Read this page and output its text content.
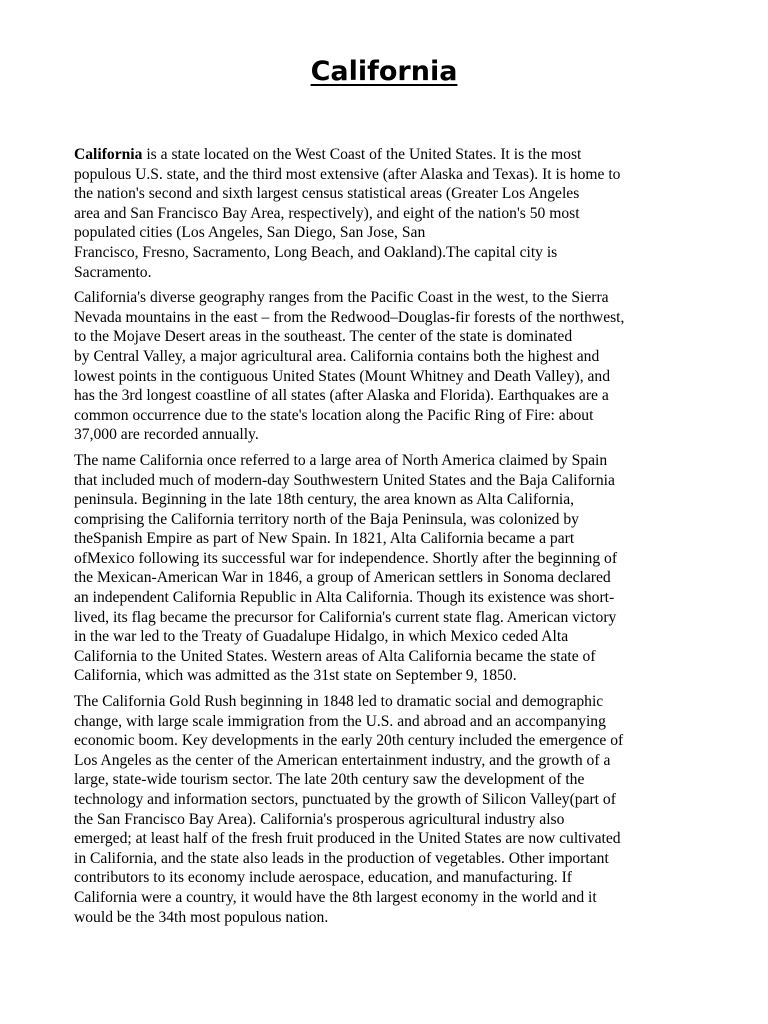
California

California is a state located on the West Coast of the United States. It is the most
populous U.S. state, and the third most extensive (after Alaska and Texas). It is home to
the nation's second and sixth largest census statistical areas (Greater Los Angeles
area and San Francisco Bay Area, respectively), and eight of the nation's 50 most
populated cities (Los Angeles, San Diego, San Jose, San
Francisco, Fresno, Sacramento, Long Beach, and Oakland).The capital city is
Sacramento.

California's diverse geography ranges from the Pacific Coast in the west, to the Sierra
Nevada mountains in the east – from the Redwood–Douglas-fir forests of the northwest,
to the Mojave Desert areas in the southeast. The center of the state is dominated
by Central Valley, a major agricultural area. California contains both the highest and
lowest points in the contiguous United States (Mount Whitney and Death Valley), and
has the 3rd longest coastline of all states (after Alaska and Florida). Earthquakes are a
common occurrence due to the state's location along the Pacific Ring of Fire: about
37,000 are recorded annually.

The name California once referred to a large area of North America claimed by Spain
that included much of modern-day Southwestern United States and the Baja California
peninsula. Beginning in the late 18th century, the area known as Alta California,
comprising the California territory north of the Baja Peninsula, was colonized by
theSpanish Empire as part of New Spain. In 1821, Alta California became a part
ofMexico following its successful war for independence. Shortly after the beginning of
the Mexican-American War in 1846, a group of American settlers in Sonoma declared
an independent California Republic in Alta California. Though its existence was short-
lived, its flag became the precursor for California's current state flag. American victory
in the war led to the Treaty of Guadalupe Hidalgo, in which Mexico ceded Alta
California to the United States. Western areas of Alta California became the state of
California, which was admitted as the 31st state on September 9, 1850.

The California Gold Rush beginning in 1848 led to dramatic social and demographic
change, with large scale immigration from the U.S. and abroad and an accompanying
economic boom. Key developments in the early 20th century included the emergence of
Los Angeles as the center of the American entertainment industry, and the growth of a
large, state-wide tourism sector. The late 20th century saw the development of the
technology and information sectors, punctuated by the growth of Silicon Valley(part of
the San Francisco Bay Area). California's prosperous agricultural industry also
emerged; at least half of the fresh fruit produced in the United States are now cultivated
in California, and the state also leads in the production of vegetables. Other important
contributors to its economy include aerospace, education, and manufacturing. If
California were a country, it would have the 8th largest economy in the world and it
would be the 34th most populous nation.
